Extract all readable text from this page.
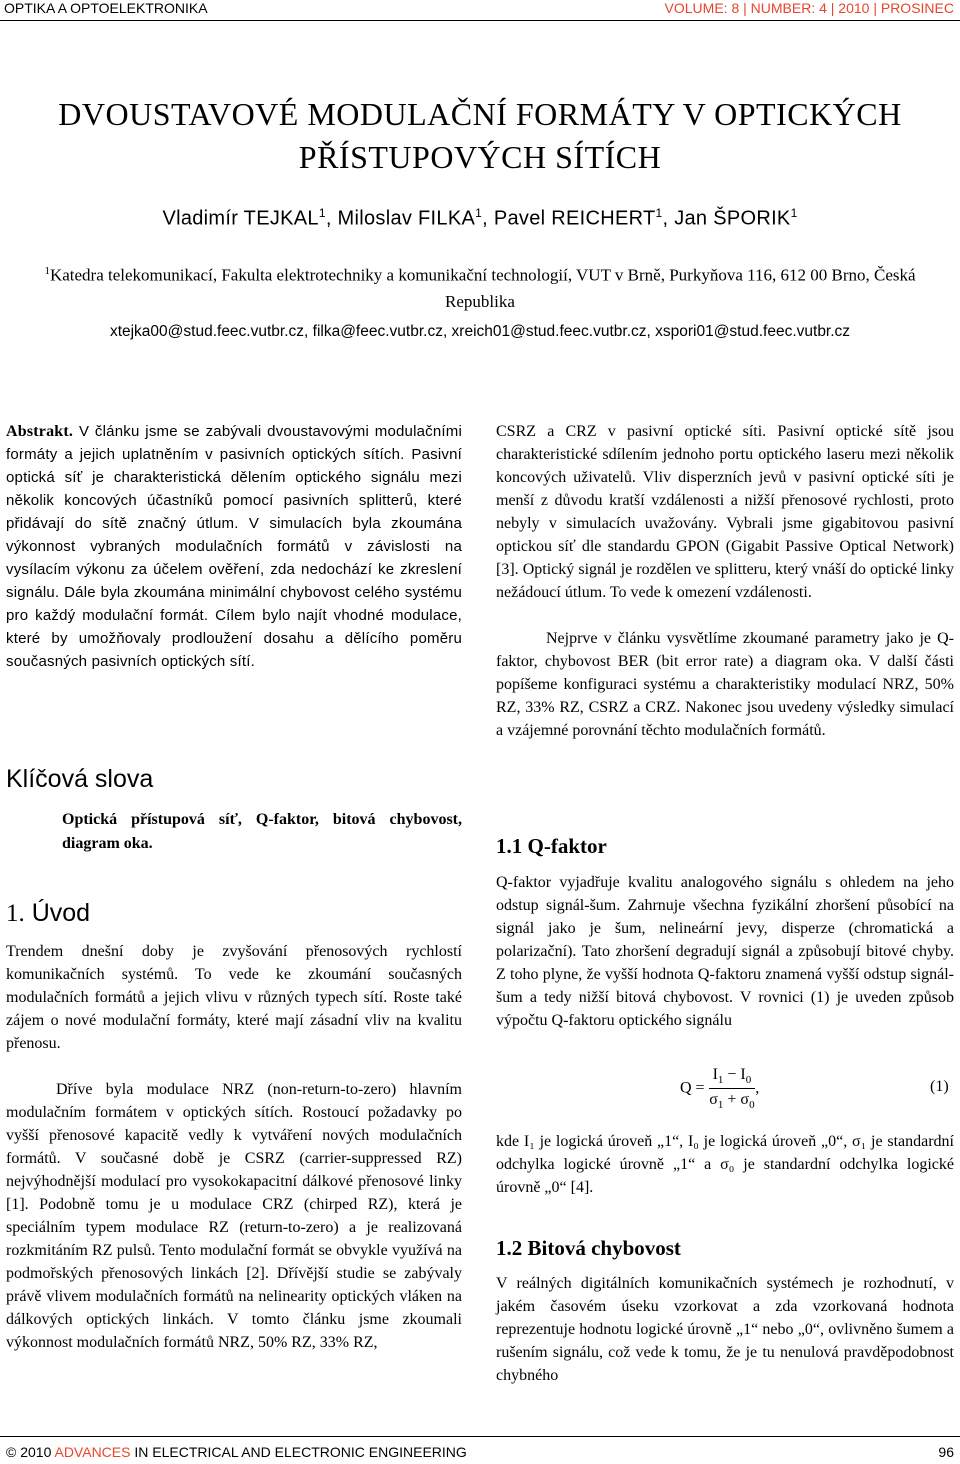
OPTIKA A OPTOELEKTRONIKA	VOLUME: 8 | NUMBER: 4 | 2010 | PROSINEC
DVOUSTAVOVÉ MODULAČNÍ FORMÁTY V OPTICKÝCH
PŘÍSTUPOVÝCH SÍTÍCH
Vladimír TEJKAL$^1$, Miloslav FILKA$^1$, Pavel REICHERT$^1$, Jan ŠPORIK$^1$
$^1$Katedra telekomunikací, Fakulta elektrotechniky a komunikační technologií, VUT v Brně, Purkyňova 116, 612 00 Brno, Česká Republika
xtejka00@stud.feec.vutbr.cz, filka@feec.vutbr.cz, xreich01@stud.feec.vutbr.cz, xspori01@stud.feec.vutbr.cz
Abstrakt. V článku jsme se zabývali dvoustavovými modulačními formáty a jejich uplatněním v pasivních optických sítích. Pasivní optická síť je charakteristická dělením optického signálu mezi několik koncových účastníků pomocí pasivních splitterů, které přidávají do sítě značný útlum. V simulacích byla zkoumána výkonnost vybraných modulačních formátů v závislosti na vysílacím výkonu za účelem ověření, zda nedochází ke zkreslení signálu. Dále byla zkoumána minimální chybovost celého systému pro každý modulační formát. Cílem bylo najít vhodné modulace, které by umožňovaly prodloužení dosahu a dělícího poměru současných pasivních optických sítí.
Klíčová slova
Optická přístupová síť, Q-faktor, bitová chybovost, diagram oka.
1. Úvod

Trendem dnešní doby je zvyšování přenosových rychlostí komunikačních systémů. To vede ke zkoumání současných modulačních formátů a jejich vlivu v různých typech sítí. Roste také zájem o nové modulační formáty, které mají zásadní vliv na kvalitu přenosu.

Dříve byla modulace NRZ (non-return-to-zero) hlavním modulačním formátem v optických sítích. Rostoucí požadavky po vyšší přenosové kapacitě vedly k vytváření nových modulačních formátů. V současné době je CSRZ (carrier-suppressed RZ) nejvýhodnější modulací pro vysokokapacitní dálkové přenosové linky [1]. Podobně tomu je u modulace CRZ (chirped RZ), která je speciálním typem modulace RZ (return-to-zero) a je realizovaná rozkmitáním RZ pulsů. Tento modulační formát se obvykle využívá na podmořských přenosových linkách [2]. Dřívější studie se zabývaly právě vlivem modulačních formátů na nelinearity optických vláken na dálkových optických linkách. V tomto článku jsme zkoumali výkonnost modulačních formátů NRZ, 50% RZ, 33% RZ,

CSRZ a CRZ v pasivní optické síti. Pasivní optické sítě jsou charakteristické sdílením jednoho portu optického laseru mezi několik koncových uživatelů. Vliv disperzních jevů v pasivní optické síti je menší z důvodu kratší vzdálenosti a nižší přenosové rychlosti, proto nebyly v simulacích uvažovány. Vybrali jsme gigabitovou pasivní optickou síť dle standardu GPON (Gigabit Passive Optical Network) [3]. Optický signál je rozdělen ve splitteru, který vnáší do optické linky nežádoucí útlum. To vede k omezení vzdálenosti.

Nejprve v článku vysvětlíme zkoumané parametry jako je Q-faktor, chybovost BER (bit error rate) a diagram oka. V další části popíšeme konfiguraci systému a charakteristiky modulací NRZ, 50% RZ, 33% RZ, CSRZ a CRZ. Nakonec jsou uvedeny výsledky simulací a vzájemné porovnání těchto modulačních formátů.

1.1 Q-faktor

Q-faktor vyjadřuje kvalitu analogového signálu s ohledem na jeho odstup signál-šum. Zahrnuje všechna fyzikální zhoršení působící na signál jako je šum, nelineární jevy, disperze (chromatická a polarizační). Tato zhoršení degradují signál a způsobují bitové chyby. Z toho plyne, že vyšší hodnota Q-faktoru znamená vyšší odstup signál-šum a tedy nižší bitová chybovost. V rovnici (1) je uveden způsob výpočtu Q-faktoru optického signálu

$Q = \frac{I_1 - I_0}{\sigma_1 + \sigma_0}$ ,	(1)

kde I₁ je logická úroveň „1“, I₀ je logická úroveň „0“, σ₁ je standardní odchylka logické úrovně „1“ a σ₀ je standardní odchylka logické úrovně „0“ [4].

1.2 Bitová chybovost

V reálných digitálních komunikačních systémech je rozhodnutí, v jakém časovém úseku vzorkovat a zda vzorkovaná hodnota reprezentuje hodnotu logické úrovně „1“ nebo „0“, ovlivněno šumem a rušením signálu, což vede k tomu, že je tu nenulová pravděpodobnost chybného

© 2010 ADVANCES IN ELECTRICAL AND ELECTRONIC ENGINEERING	96
